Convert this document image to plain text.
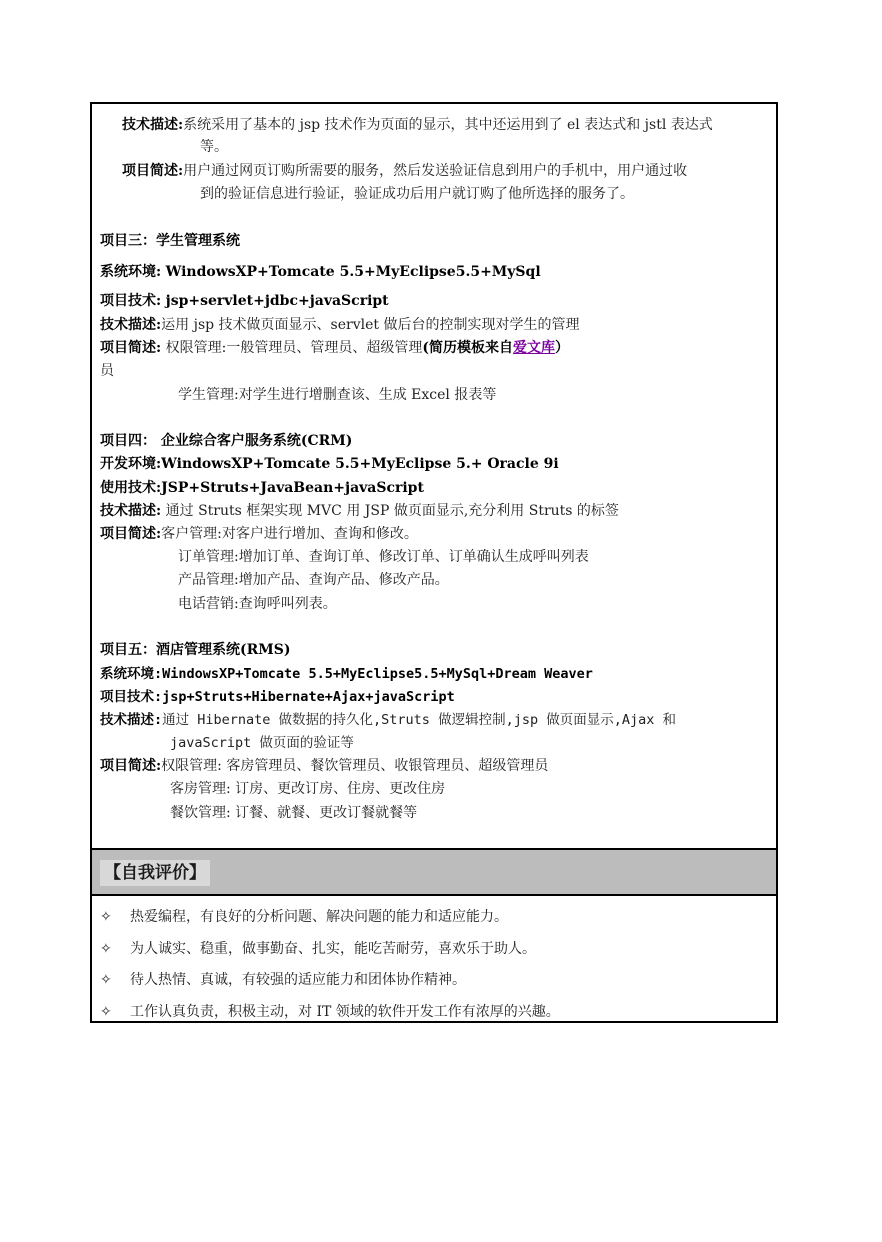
技术描述:系统采用了基本的 jsp 技术作为页面的显示，其中还运用到了 el 表达式和 jstl 表达式
等。
项目简述:用户通过网页订购所需要的服务，然后发送验证信息到用户的手机中，用户通过收
到的验证信息进行验证，验证成功后用户就订购了他所选择的服务了。
项目三：学生管理系统
系统环境: WindowsXP+Tomcate 5.5+MyEclipse5.5+MySql
项目技术: jsp+servlet+jdbc+javaScript
技术描述:运用 jsp 技术做页面显示、servlet 做后台的控制实现对学生的管理
项目简述: 权限管理:一般管理员、管理员、超级管理(简历模板来自爱文库）
员
学生管理:对学生进行增删查该、生成 Excel 报表等
项目四： 企业综合客户服务系统(CRM)
开发环境:WindowsXP+Tomcate 5.5+MyEclipse 5.+ Oracle 9i
使用技术:JSP+Struts+JavaBean+javaScript
技术描述: 通过 Struts 框架实现 MVC 用 JSP 做页面显示,充分利用 Struts 的标签
项目简述:客户管理:对客户进行增加、查询和修改。
订单管理:增加订单、查询订单、修改订单、订单确认生成呼叫列表
产品管理:增加产品、查询产品、修改产品。
电话营销:查询呼叫列表。
项目五：酒店管理系统(RMS)
系统环境:WindowsXP+Tomcate 5.5+MyEclipse5.5+MySql+Dream Weaver
项目技术:jsp+Struts+Hibernate+Ajax+javaScript
技术描述:通过 Hibernate 做数据的持久化,Struts 做逻辑控制,jsp 做页面显示,Ajax 和
javaScript 做页面的验证等
项目简述:权限管理: 客房管理员、餐饮管理员、收银管理员、超级管理员
客房管理: 订房、更改订房、住房、更改住房
餐饮管理: 订餐、就餐、更改订餐就餐等
【自我评价】
✧ 热爱编程，有良好的分析问题、解决问题的能力和适应能力。
✧ 为人诚实、稳重，做事勤奋、扎实，能吃苦耐劳，喜欢乐于助人。
✧ 待人热情、真诚，有较强的适应能力和团体协作精神。
✧ 工作认真负责，积极主动，对 IT 领域的软件开发工作有浓厚的兴趣。
